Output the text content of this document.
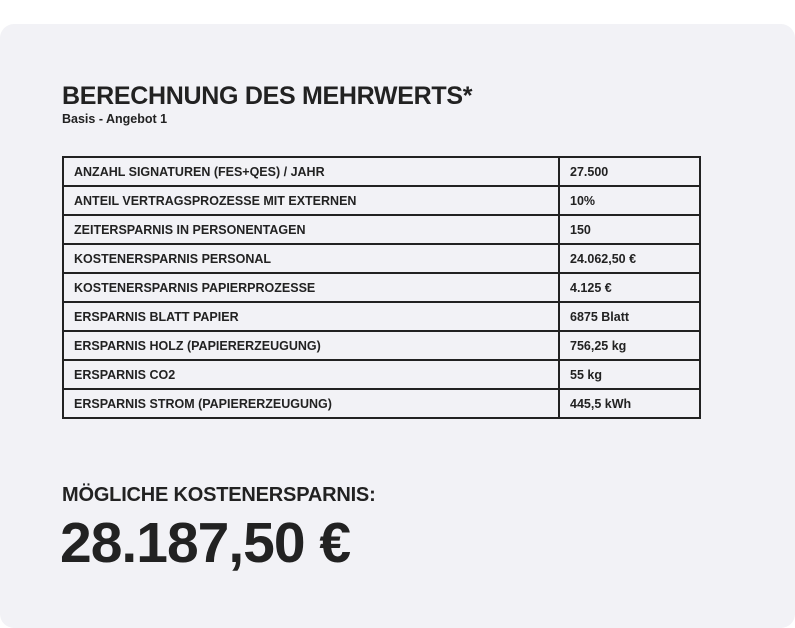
BERECHNUNG DES MEHRWERTS*

Basis - Angebot 1

ANZAHL SIGNATUREN (FES+QES) / JAHR	27.500
ANTEIL VERTRAGSPROZESSE MIT EXTERNEN	10%
ZEITERSPARNIS IN PERSONENTAGEN	150
KOSTENERSPARNIS PERSONAL	24.062,50 €
KOSTENERSPARNIS PAPIERPROZESSE	4.125 €
ERSPARNIS BLATT PAPIER	6875 Blatt
ERSPARNIS HOLZ (PAPIERERZEUGUNG)	756,25 kg
ERSPARNIS CO2	55 kg
ERSPARNIS STROM (PAPIERERZEUGUNG)	445,5 kWh
MÖGLICHE KOSTENERSPARNIS:
28.187,50 €
